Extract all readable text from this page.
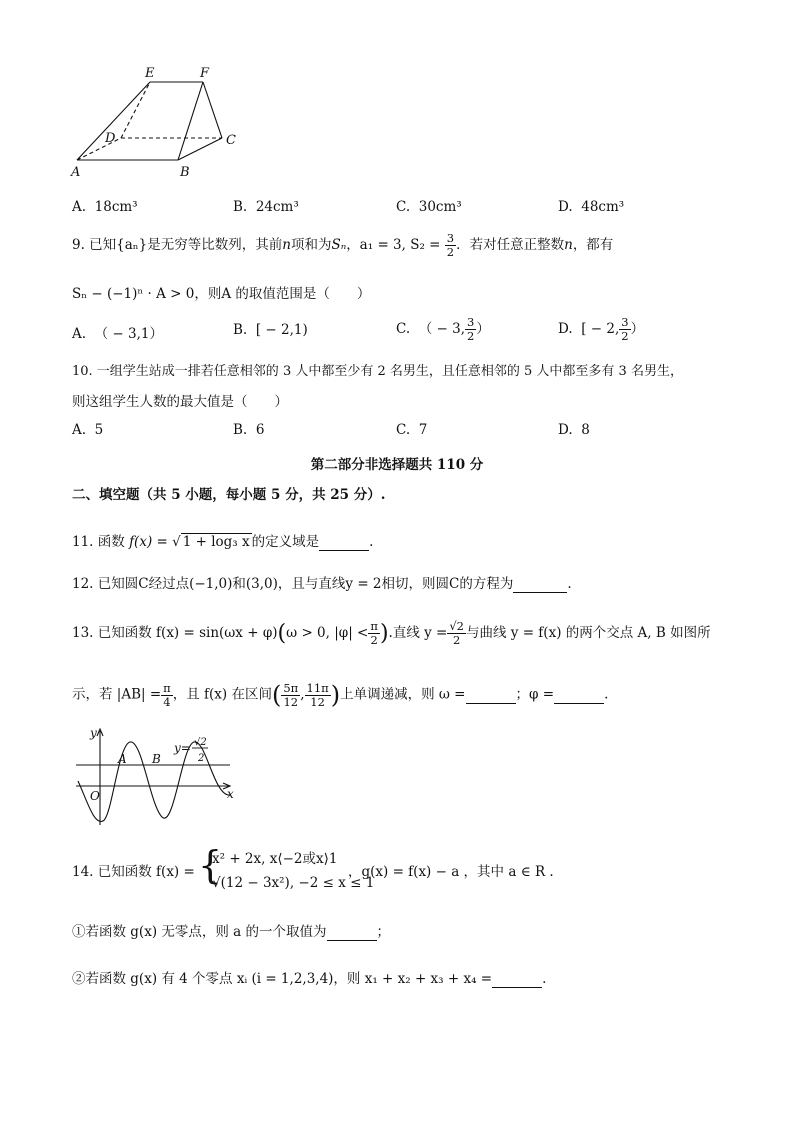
E	F
D	C
A	B
A. 18cm³	B. 24cm³	C. 30cm³	D. 48cm³
9. 已知{aₙ}是无穷等比数列，其前n项和为Sₙ，a₁ = 3, $S_2 = \frac{3}{2}$ ．若对任意正整数n，都有
Sₙ − (−1)ⁿ · A > 0，则A 的取值范围是（　　）
A. （ − 3,1）	B. [ − 2,1)	C. （ − 3, $\frac{3}{2}$ ）	D. [ − 2, $\frac{3}{2}$ ）
10. 一组学生站成一排若任意相邻的 3 人中都至少有 2 名男生，且任意相邻的 5 人中都至多有 3 名男生，
则这组学生人数的最大值是（　　）
A. 5	B. 6	C. 7	D. 8
第二部分非选择题共 110 分
二、填空题（共 5 小题，每小题 5 分，共 25 分）.
11. 函数 f(x) = √ 1 + log₃ x 的定义域是	.
12. 已知圆C经过点(−1,0)和(3,0)，且与直线y = 2相切，则圆C的方程为	.
13. 已知函数 f(x) = sin(ωx + φ)(ω > 0, $|\varphi| < \frac{\pi}{2}$ ).直线 $y = \frac{√2}{2}$ 与曲线 y = f(x) 的两个交点 A, B 如图所
示，若 $|AB| = \frac{\pi}{4}$ ，且 f(x) 在区间( $\frac{5\pi}{12}$ , $\frac{11\pi}{12}$ )上单调递减，则 ω =	；φ =	.
y
x
O
A B
y= √2
2
14. 已知函数 f(x) = {
x² + 2x, x⟨−2或x⟩1
√(12 − 3x²), −2 ≤ x ≤ 1
，g(x) = f(x) − a ，其中 a ∈ R .
①若函数 g(x) 无零点，则 a 的一个取值为	；
②若函数 g(x) 有 4 个零点 xᵢ (i = 1,2,3,4)，则 x₁ + x₂ + x₃ + x₄ =	.
